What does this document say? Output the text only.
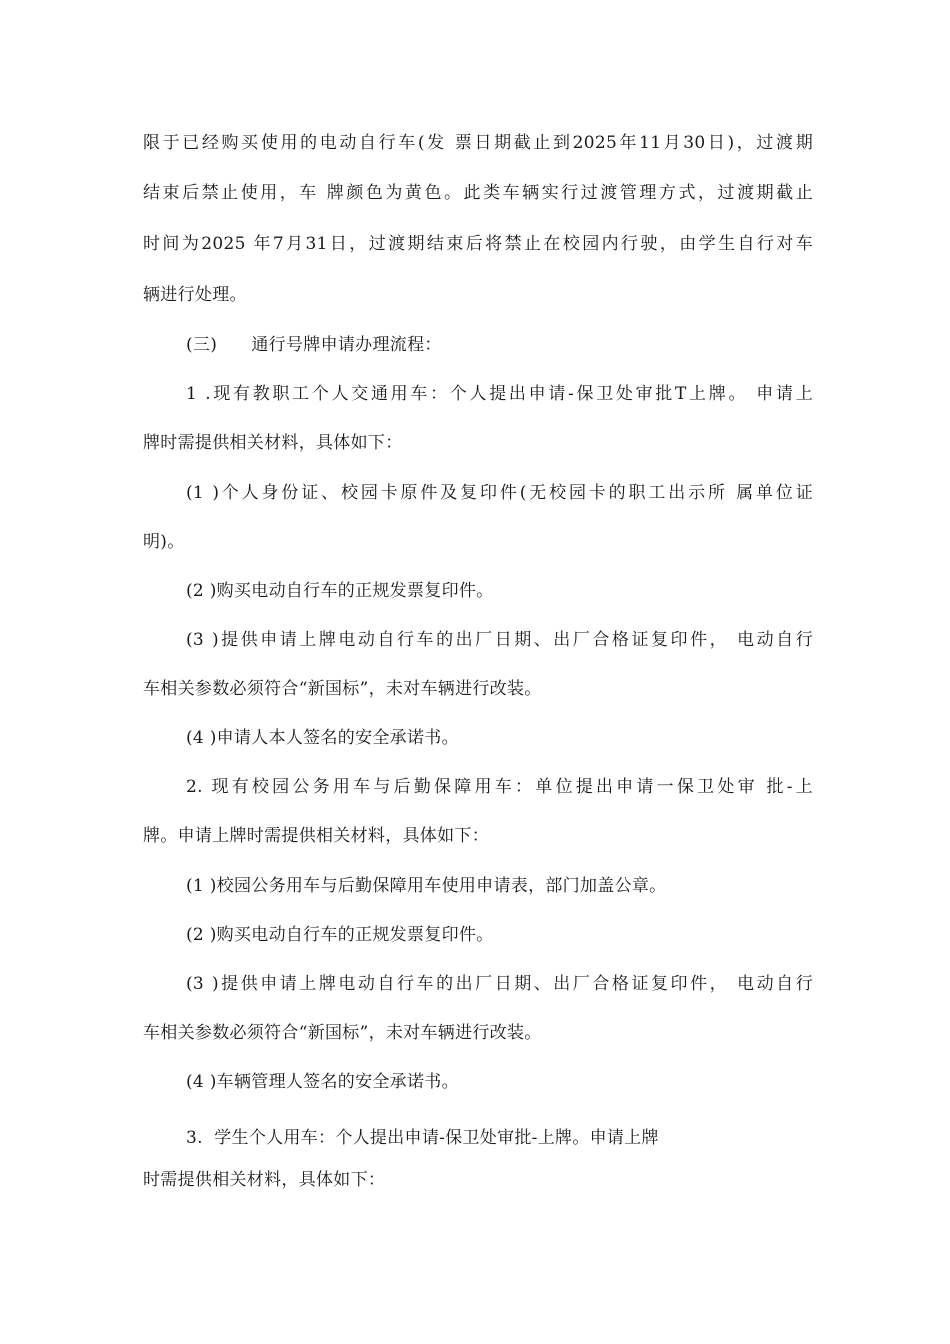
限于已经购买使用的电动自行车(发 票日期截止到2025年11月30日)，过渡期
结束后禁止使用，车 牌颜色为黄色。此类车辆实行过渡管理方式，过渡期截止
时间为2025 年7月31日，过渡期结束后将禁止在校园内行驶，由学生自行对车
辆进行处理。
(三)      通行号牌申请办理流程：
1 .现有教职工个人交通用车：个人提出申请-保卫处审批T上牌。 申请上
牌时需提供相关材料，具体如下：
(1 )个人身份证、校园卡原件及复印件(无校园卡的职工出示所 属单位证
明)。
(2 )购买电动自行车的正规发票复印件。
(3 )提供申请上牌电动自行车的出厂日期、出厂合格证复印件， 电动自行
车相关参数必须符合“新国标”，未对车辆进行改装。
(4 )申请人本人签名的安全承诺书。
2. 现有校园公务用车与后勤保障用车：单位提出申请一保卫处审 批-上
牌。申请上牌时需提供相关材料，具体如下：
(1 )校园公务用车与后勤保障用车使用申请表，部门加盖公章。
(2 )购买电动自行车的正规发票复印件。
(3 )提供申请上牌电动自行车的出厂日期、出厂合格证复印件， 电动自行
车相关参数必须符合“新国标”，未对车辆进行改装。
(4 )车辆管理人签名的安全承诺书。
3.  学生个人用车：个人提出申请-保卫处审批-上牌。申请上牌
时需提供相关材料，具体如下：
